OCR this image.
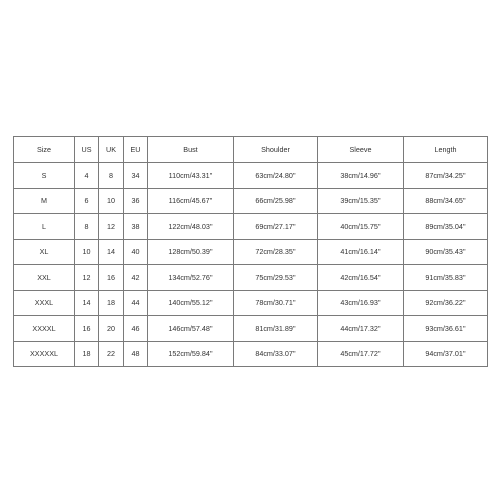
Size	US	UK	EU	Bust	Shoulder	Sleeve	Length
S	4	8	34	110cm/43.31''	63cm/24.80''	38cm/14.96''	87cm/34.25''
M	6	10	36	116cm/45.67''	66cm/25.98''	39cm/15.35''	88cm/34.65''
L	8	12	38	122cm/48.03''	69cm/27.17''	40cm/15.75''	89cm/35.04''
XL	10	14	40	128cm/50.39''	72cm/28.35''	41cm/16.14''	90cm/35.43''
XXL	12	16	42	134cm/52.76''	75cm/29.53''	42cm/16.54''	91cm/35.83''
XXXL	14	18	44	140cm/55.12''	78cm/30.71''	43cm/16.93''	92cm/36.22''
XXXXL	16	20	46	146cm/57.48''	81cm/31.89''	44cm/17.32''	93cm/36.61''
XXXXXL	18	22	48	152cm/59.84''	84cm/33.07''	45cm/17.72''	94cm/37.01''
